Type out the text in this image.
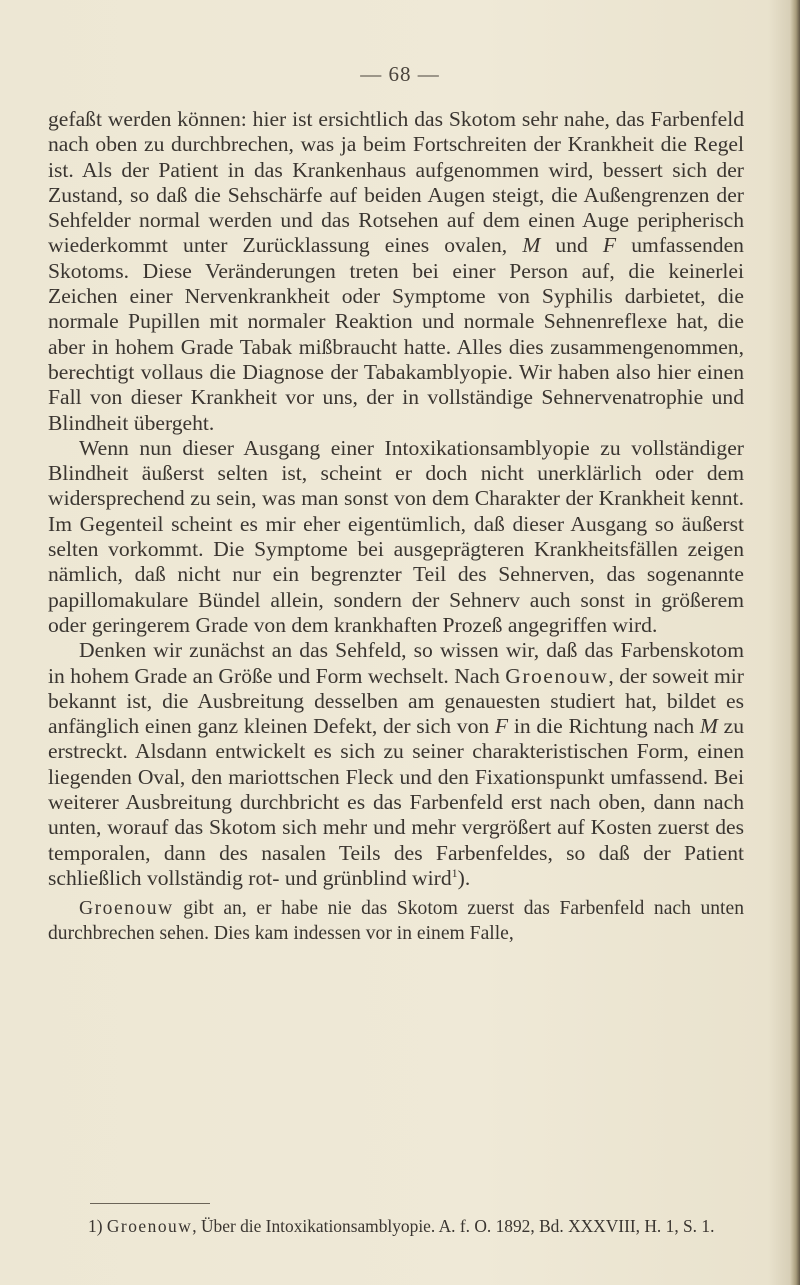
— 68 —

gefaßt werden können: hier ist ersichtlich das Skotom sehr nahe, das Farbenfeld nach oben zu durchbrechen, was ja beim Fortschreiten der Krankheit die Regel ist. Als der Patient in das Krankenhaus aufgenommen wird, bessert sich der Zustand, so daß die Sehschärfe auf beiden Augen steigt, die Außengrenzen der Sehfelder normal werden und das Rotsehen auf dem einen Auge peripherisch wiederkommt unter Zurücklassung eines ovalen, M und F umfassenden Skotoms. Diese Veränderungen treten bei einer Person auf, die keinerlei Zeichen einer Nervenkrankheit oder Symptome von Syphilis darbietet, die normale Pupillen mit normaler Reaktion und normale Sehnenreflexe hat, die aber in hohem Grade Tabak mißbraucht hatte. Alles dies zusammengenommen, berechtigt vollaus die Diagnose der Tabakamblyopie. Wir haben also hier einen Fall von dieser Krankheit vor uns, der in vollständige Sehnervenatrophie und Blindheit übergeht.

Wenn nun dieser Ausgang einer Intoxikationsamblyopie zu vollständiger Blindheit äußerst selten ist, scheint er doch nicht unerklärlich oder dem widersprechend zu sein, was man sonst von dem Charakter der Krankheit kennt. Im Gegenteil scheint es mir eher eigentümlich, daß dieser Ausgang so äußerst selten vorkommt. Die Symptome bei ausgeprägteren Krankheitsfällen zeigen nämlich, daß nicht nur ein begrenzter Teil des Sehnerven, das sogenannte papillomakulare Bündel allein, sondern der Sehnerv auch sonst in größerem oder geringerem Grade von dem krankhaften Prozeß angegriffen wird.

Denken wir zunächst an das Sehfeld, so wissen wir, daß das Farbenskotom in hohem Grade an Größe und Form wechselt. Nach Groenouw, der soweit mir bekannt ist, die Ausbreitung desselben am genauesten studiert hat, bildet es anfänglich einen ganz kleinen Defekt, der sich von F in die Richtung nach M zu erstreckt. Alsdann entwickelt es sich zu seiner charakteristischen Form, einen liegenden Oval, den mariottschen Fleck und den Fixationspunkt umfassend. Bei weiterer Ausbreitung durchbricht es das Farbenfeld erst nach oben, dann nach unten, worauf das Skotom sich mehr und mehr vergrößert auf Kosten zuerst des temporalen, dann des nasalen Teils des Farbenfeldes, so daß der Patient schließlich vollständig rot- und grünblind wird$^1$).

Groenouw gibt an, er habe nie das Skotom zuerst das Farbenfeld nach unten durchbrechen sehen. Dies kam indessen vor in einem Falle,

1) Groenouw, Über die Intoxikationsamblyopie. A. f. O. 1892, Bd. XXXVIII, H. 1, S. 1.
